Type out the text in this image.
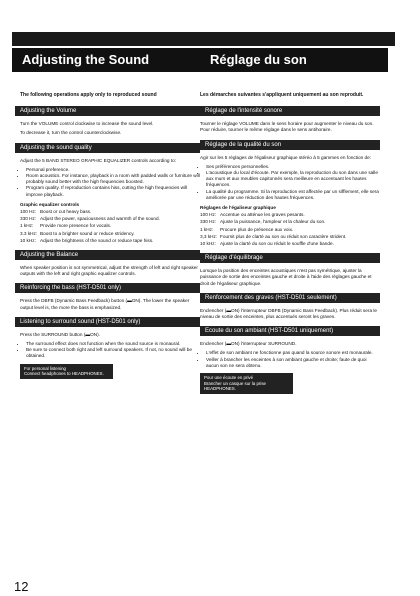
Adjusting the Sound	Réglage du son

The following operations apply only to reproduced sound

Adjusting the Volume

Turn the VOLUME control clockwise to increase the sound level.

To decrease it, turn the control counterclockwise.

Adjusting the sound quality

Adjust the 5 BAND STEREO GRAPHIC EQUALIZER controls according to:

• Personal preference.
• Room acoustics. For instance, playback in a room with padded walls or furniture will probably sound better with the high frequencies boosted.
• Program quality. If reproduction contains hiss, cutting the high frequencies will improve playback.
Graphic equalizer controls
100 Hz: Boost or cut heavy bass.
330 Hz: Adjust the power, spaciousness and warmth of the sound.
1 kHz:	Provide more presence for vocals.
3.3 kHz: Boost to a brighter sound or reduce stridency.
10 kHz: Adjust the brightness of the sound or reduce tape hiss.
Adjusting the Balance

When speaker position is not symmetrical, adjust the strength of left and right speaker outputs with the left and right graphic equalizer controls.

Reinforcing the bass (HST-D501 only)

Press the DBFB (Dynamic Bass Feedback) button (▬ON). The lower the speaker output level is, the more the bass is emphasized.

Listening to surround sound (HST-D501 only)

Press the SURROUND button (▬ON).

• The surround effect does not function when the sound source is monaural.
• Be sure to connect both right and left surround speakers. If not, no sound will be obtained.
For personal listening
Connect headphones to HEADPHONES.

Les démarches suivantes s'appliquent uniquement au son reproduit.

Réglage de l'intensité sonore

Tourner le réglage VOLUME dans le sens horaire pour augmenter le niveau du son. Pour réduire, tourner le même réglage dans le sens antihoraire.

Réglage de la qualité du son

Agir sur les 5 réglages de l'égaliseur graphique stéréo à 5 gammes en fonction de:

• Ses préférences personnelles.
• L'acoustique du local d'écoute. Par exemple, la reproduction du son dans une salle aux murs et aux meubles capitonnés sera meilleure en accentuant les hautes fréquences.
• La qualité du programme. Si la reproduction est affectée par un sifflement, elle sera améliorée par une réduction des hautes fréquences.
Réglages de l'égaliseur graphique
100 Hz: Accentue ou atténue les graves pesants.
330 Hz: Ajuste la puissance, l'ampleur et la chaleur du son.
1 kHz:	Procure plus de présence aux voix.
3,3 kHz: Fournit plus de clarté au son ou réduit son caractère strident.
10 kHz: Ajuste la clarté du son ou réduit le souffle d'une bande.
Réglage d'équilibrage

Lorsque la position des enceintes acoustiques n'est pas symétrique, ajuster la puissance de sortie des enceintes gauche et droite à l'aide des réglages gauche et droit de l'égaliseur graphique.

Renforcement des graves (HST-D501 seulement)

Enclencher (▬ON) l'interrupteur DBFB (Dynamic Bass Feedback). Plus réduit sera le niveau de sortie des enceintes, plus accentués seront les graves.

Ecoute du son ambiant (HST-D501 uniquement)

Enclencher (▬ON) l'interrupteur SURROUND.

• L'effet de son ambiant ne fonctionne pas quand la source sonore est monaurale.
• Veiller à brancher les enceintes à son ambiant gauche et droite; faute de quoi aucun son ne sera obtenu.
Pour une écoute en privé
Brancher un casque sur la prise HEADPHONES.
12
